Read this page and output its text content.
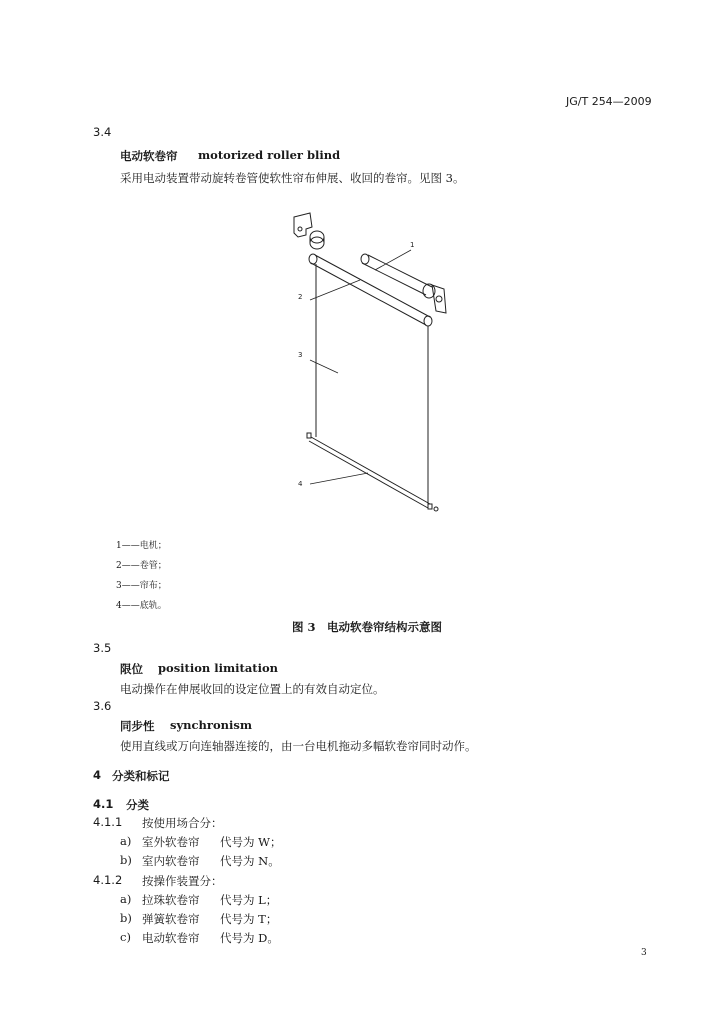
JG/T 254—2009
3.4
电动软卷帘 motorized roller blind
采用电动装置带动旋转卷管使软性帘布伸展、收回的卷帘。见图 3。
1
2
3
4
1——电机；
2——卷管；
3——帘布；
4——底轨。
图 3　电动软卷帘结构示意图
3.5
限位 position limitation
电动操作在伸展收回的设定位置上的有效自动定位。
3.6
同步性 synchronism
使用直线或万向连轴器连接的，由一台电机拖动多幅软卷帘同时动作。
4 分类和标记
4.1 分类
4.1.1 按使用场合分：
a) 室外软卷帘 代号为 W；
b) 室内软卷帘 代号为 N。
4.1.2 按操作装置分：
a) 拉珠软卷帘 代号为 L；
b) 弹簧软卷帘 代号为 T；
c) 电动软卷帘 代号为 D。
3
